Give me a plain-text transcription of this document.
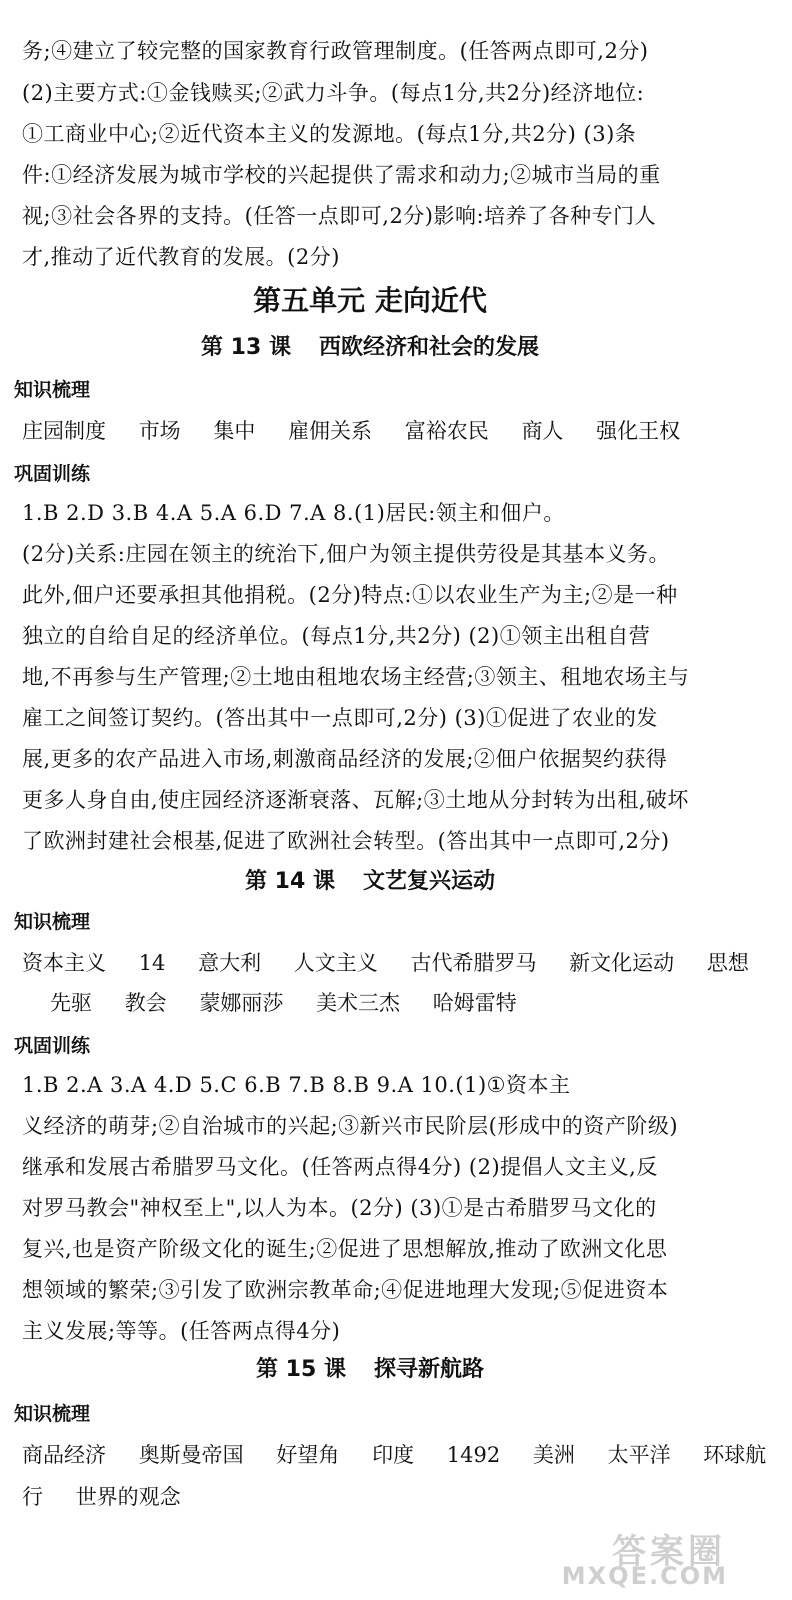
务;④建立了较完整的国家教育行政管理制度。(任答两点即可,2分)
(2)主要方式:①金钱赎买;②武力斗争。(每点1分,共2分)经济地位:
①工商业中心;②近代资本主义的发源地。(每点1分,共2分) (3)条
件:①经济发展为城市学校的兴起提供了需求和动力;②城市当局的重
视;③社会各界的支持。(任答一点即可,2分)影响:培养了各种专门人
才,推动了近代教育的发展。(2分)
第五单元 走向近代
第 13 课 西欧经济和社会的发展
知识梳理
庄园制度 市场 集中 雇佣关系 富裕农民 商人 强化王权
巩固训练
1.B 2.D 3.B 4.A 5.A 6.D 7.A 8.(1)居民:领主和佃户。
(2分)关系:庄园在领主的统治下,佃户为领主提供劳役是其基本义务。
此外,佃户还要承担其他捐税。(2分)特点:①以农业生产为主;②是一种
独立的自给自足的经济单位。(每点1分,共2分) (2)①领主出租自营
地,不再参与生产管理;②土地由租地农场主经营;③领主、租地农场主与
雇工之间签订契约。(答出其中一点即可,2分) (3)①促进了农业的发
展,更多的农产品进入市场,刺激商品经济的发展;②佃户依据契约获得
更多人身自由,使庄园经济逐渐衰落、瓦解;③土地从分封转为出租,破坏
了欧洲封建社会根基,促进了欧洲社会转型。(答出其中一点即可,2分)
第 14 课 文艺复兴运动
知识梳理
资本主义 14 意大利 人文主义 古代希腊罗马 新文化运动 思想
先驱 教会 蒙娜丽莎 美术三杰 哈姆雷特
巩固训练
1.B 2.A 3.A 4.D 5.C 6.B 7.B 8.B 9.A 10.(1)①资本主
义经济的萌芽;②自治城市的兴起;③新兴市民阶层(形成中的资产阶级)
继承和发展古希腊罗马文化。(任答两点得4分) (2)提倡人文主义,反
对罗马教会"神权至上",以人为本。(2分) (3)①是古希腊罗马文化的
复兴,也是资产阶级文化的诞生;②促进了思想解放,推动了欧洲文化思
想领域的繁荣;③引发了欧洲宗教革命;④促进地理大发现;⑤促进资本
主义发展;等等。(任答两点得4分)
第 15 课 探寻新航路
知识梳理
商品经济 奥斯曼帝国 好望角 印度 1492 美洲 太平洋 环球航
行 世界的观念
答案圈
MXQE.COM
